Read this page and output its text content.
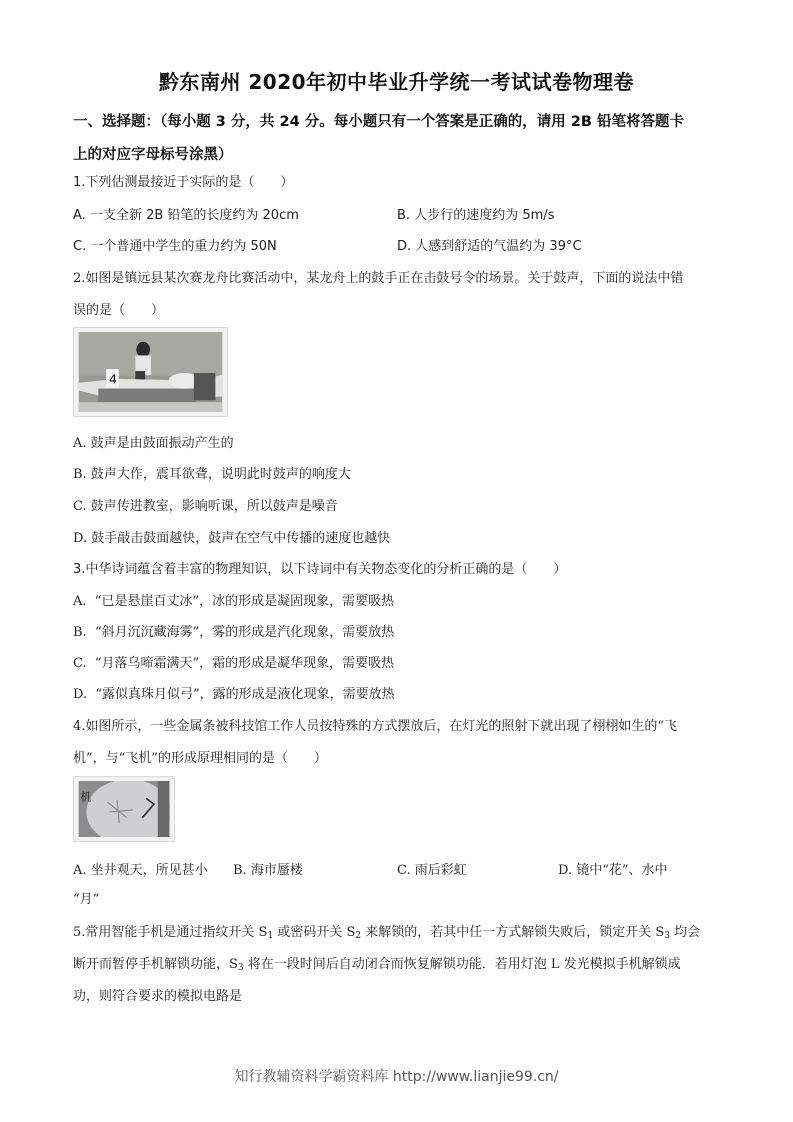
黔东南州 2020年初中毕业升学统一考试试卷物理卷
一、选择题：（每小题 3 分，共 24 分。每小题只有一个答案是正确的，请用 2B 铅笔将答题卡
上的对应字母标号涂黑）
1.下列估测最接近于实际的是（　　）
A. 一支全新 2B 铅笔的长度约为 20cm	B. 人步行的速度约为 5m/s
C. 一个普通中学生的重力约为 50N	D. 人感到舒适的气温约为 39°C
2.如图是镇远县某次赛龙舟比赛活动中，某龙舟上的鼓手正在击鼓号令的场景。关于鼓声，下面的说法中错
误的是（　　）
4
A. 鼓声是由鼓面振动产生的
B. 鼓声大作，震耳欲聋，说明此时鼓声的响度大
C. 鼓声传进教室，影响听课，所以鼓声是噪音
D. 鼓手敲击鼓面越快，鼓声在空气中传播的速度也越快
3.中华诗词蕴含着丰富的物理知识，以下诗词中有关物态变化的分析正确的是（　　）
A. “已是悬崖百丈冰”，冰的形成是凝固现象，需要吸热
B. “斜月沉沉藏海雾”，雾的形成是汽化现象，需要放热
C. “月落乌啼霜满天”，霜的形成是凝华现象，需要吸热
D. “露似真珠月似弓”，露的形成是液化现象，需要放热
4.如图所示，一些金属条被科技馆工作人员按特殊的方式摆放后，在灯光的照射下就出现了栩栩如生的“飞
机”，与“飞机”的形成原理相同的是（　　）
机
A. 坐井观天，所见甚小 B. 海市蜃楼	C. 雨后彩虹	D. 镜中“花”、水中
“月”
5.常用智能手机是通过指纹开关 $S_1$ 或密码开关 $S_2$ 来解锁的，若其中任一方式解锁失败后，锁定开关 $S_3$ 均会
断开而暂停手机解锁功能，$S_3$ 将在一段时间后自动闭合而恢复解锁功能．若用灯泡 L 发光模拟手机解锁成
功，则符合要求的模拟电路是
知行教辅资料学霸资料库 http://www.lianjie99.cn/
